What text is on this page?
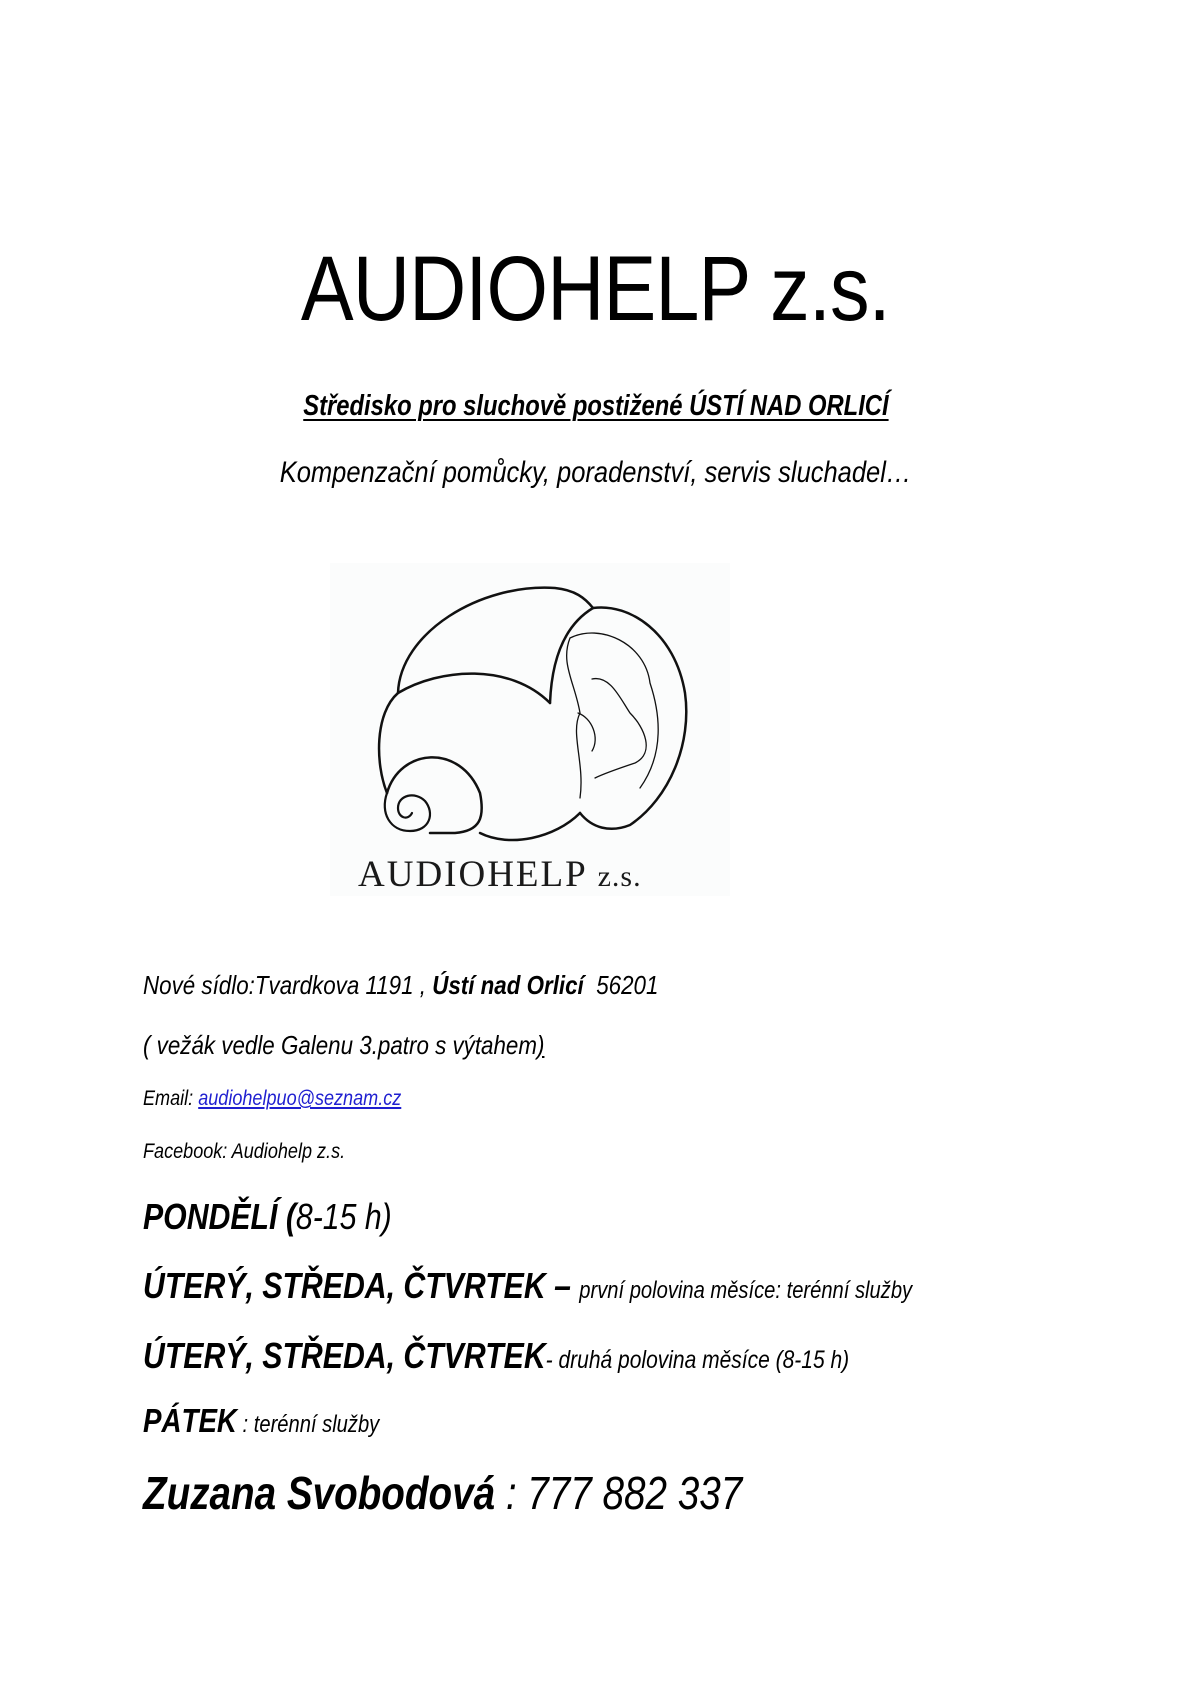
AUDIOHELP z.s.
Středisko pro sluchově postižené ÚSTÍ NAD ORLICÍ
Kompenzační pomůcky, poradenství, servis sluchadel…
AUDIOHELP z.s.
Nové sídlo:Tvardkova 1191 , Ústí nad Orlicí  56201
( vežák vedle Galenu 3.patro s výtahem)
Email: audiohelpuo@seznam.cz
Facebook: Audiohelp z.s.
PONDĚLÍ (8-15 h)
ÚTERÝ, STŘEDA, ČTVRTEK – první polovina měsíce: terénní služby
ÚTERÝ, STŘEDA, ČTVRTEK- druhá polovina měsíce (8-15 h)
PÁTEK : terénní služby
Zuzana Svobodová : 777 882 337
